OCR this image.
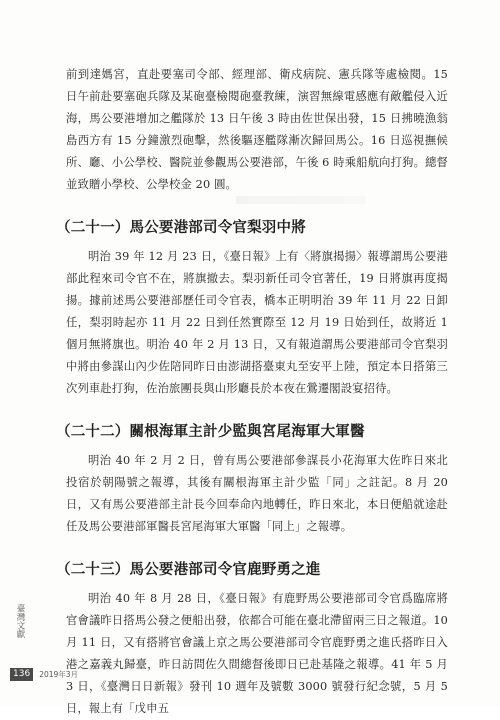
前到達媽宮，直赴要塞司令部、經理部、衛戍病院、憲兵隊等處檢閱。15 日午前赴要塞砲兵隊及某砲臺檢閱砲臺教練，演習無線電感應有敵艦侵入近海，馬公要港增加之艦隊於 13 日午後 3 時由佐世保出發，15 日拂曉漁翁島西方有 15 分鐘激烈砲擊，然後驅逐艦隊漸次歸回馬公。16 日巡視撫候所、廳、小公學校、醫院並參觀馬公要港部，午後 6 時乘船航向打狗。總督並致贈小學校、公學校金 20 圓。

（二十一）馬公要港部司令官梨羽中將

明治 39 年 12 月 23 日，《臺日報》上有〈將旗揭揚〉報導謂馬公要港部此程來司令官不在，將旗撤去。梨羽新任司令官著任，19 日將旗再度揭揚。據前述馬公要港部歷任司令官表，橋本正明明治 39 年 11 月 22 日卸任，梨羽時起亦 11 月 22 日到任然實際至 12 月 19 日始到任，故將近 1 個月無將旗也。明治 40 年 2 月 13 日，又有報道謂馬公要港部司令官梨羽中將由參謀山內少佐陪同昨日由澎湖搭臺東丸至安平上陸，預定本日搭第三次列車赴打狗，佐治旅團長與山形廳長於本夜在鶯遷閣設宴招待。

（二十二）關根海軍主計少監與宮尾海軍大軍醫

明治 40 年 2 月 2 日，曾有馬公要港部參謀長小花海軍大佐昨日來北投宿於朝陽號之報導，其後有關根海軍主計少監「同」之註記。8 月 20 日，又有馬公要港部主計長今回奉命內地轉任，昨日來北，本日便船就途赴任及馬公要港部軍醫長宮尾海軍大軍醫「同上」之報導。

（二十三）馬公要港部司令官鹿野勇之進

明治 40 年 8 月 28 日，《臺日報》有鹿野馬公要港部司令官爲臨席將官會議昨日搭馬公發之便船出發，依都合可能在臺北滯留兩三日之報道。10 月 11 日，又有搭將官會議上京之馬公要港部司令官鹿野勇之進氏搭昨日入港之嘉義丸歸臺，昨日訪問佐久間總督後即日已赴基隆之報導。41 年 5 月 3 日，《臺灣日日新報》發刊 10 週年及號數 3000 號發行紀念號，5 月 5 日，報上有「戊申五

臺灣文獻
136	2019年3月
